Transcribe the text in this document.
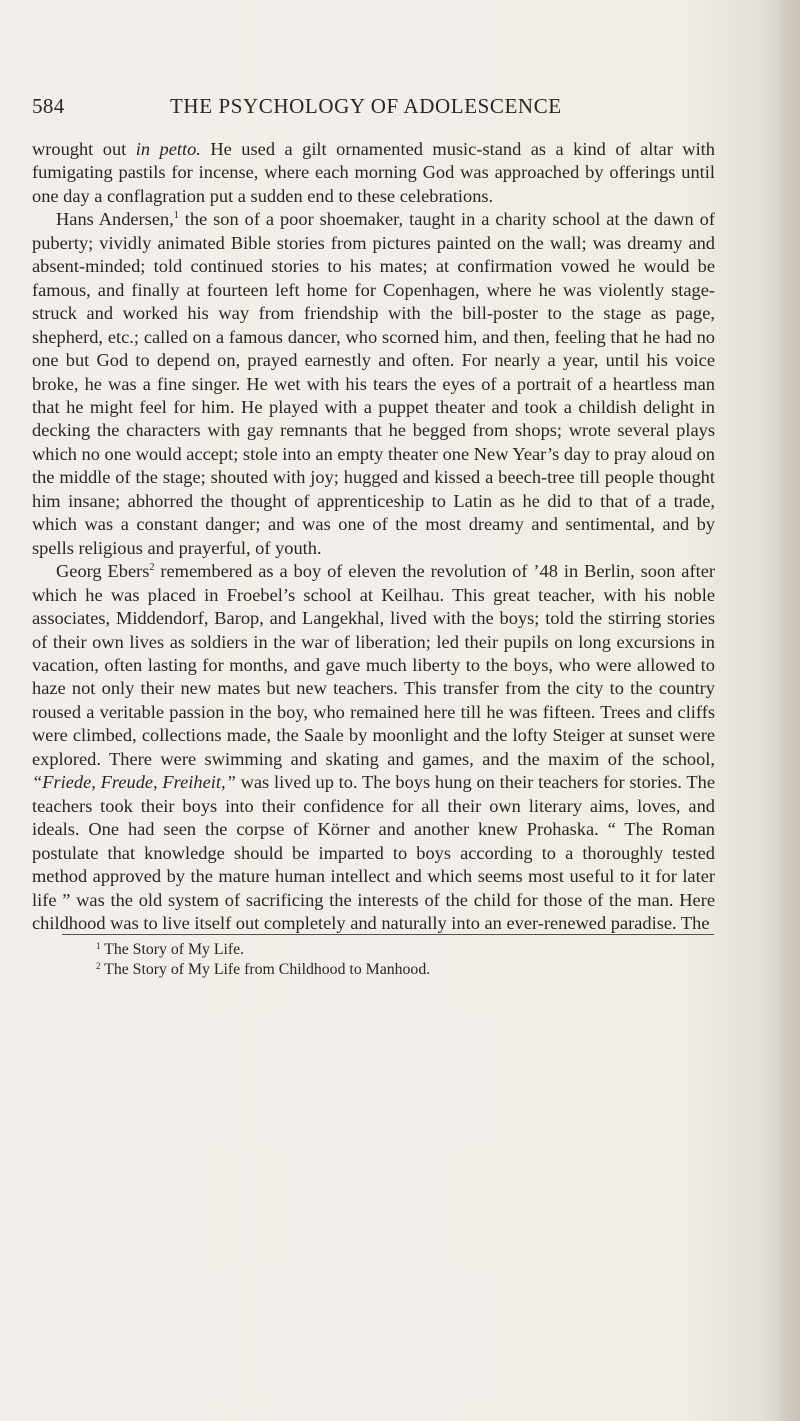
584	THE PSYCHOLOGY OF ADOLESCENCE

wrought out in petto. He used a gilt ornamented music-stand as a kind of altar with fumigating pastils for incense, where each morning God was approached by offerings until one day a conflagration put a sudden end to these celebrations.

Hans Andersen,$^1$ the son of a poor shoemaker, taught in a charity school at the dawn of puberty; vividly animated Bible stories from pictures painted on the wall; was dreamy and absent-minded; told continued stories to his mates; at confirmation vowed he would be famous, and finally at fourteen left home for Copenhagen, where he was violently stage-struck and worked his way from friendship with the bill-poster to the stage as page, shepherd, etc.; called on a famous dancer, who scorned him, and then, feeling that he had no one but God to depend on, prayed earnestly and often. For nearly a year, until his voice broke, he was a fine singer. He wet with his tears the eyes of a portrait of a heartless man that he might feel for him. He played with a puppet theater and took a childish delight in decking the characters with gay remnants that he begged from shops; wrote several plays which no one would accept; stole into an empty theater one New Year’s day to pray aloud on the middle of the stage; shouted with joy; hugged and kissed a beech-tree till people thought him insane; abhorred the thought of apprenticeship to Latin as he did to that of a trade, which was a constant danger; and was one of the most dreamy and sentimental, and by spells religious and prayerful, of youth.

Georg Ebers$^2$ remembered as a boy of eleven the revolution of ’48 in Berlin, soon after which he was placed in Froebel’s school at Keilhau. This great teacher, with his noble associates, Middendorf, Barop, and Langekhal, lived with the boys; told the stirring stories of their own lives as soldiers in the war of liberation; led their pupils on long excursions in vacation, often lasting for months, and gave much liberty to the boys, who were allowed to haze not only their new mates but new teachers. This transfer from the city to the country roused a veritable passion in the boy, who remained here till he was fifteen. Trees and cliffs were climbed, collections made, the Saale by moonlight and the lofty Steiger at sunset were explored. There were swimming and skating and games, and the maxim of the school, “Friede, Freude, Freiheit,” was lived up to. The boys hung on their teachers for stories. The teachers took their boys into their confidence for all their own literary aims, loves, and ideals. One had seen the corpse of Körner and another knew Prohaska. “ The Roman postulate that knowledge should be imparted to boys according to a thoroughly tested method approved by the mature human intellect and which seems most useful to it for later life ” was the old system of sacrificing the interests of the child for those of the man. Here childhood was to live itself out completely and naturally into an ever-renewed paradise. The

$^1$ The Story of My Life.
$^2$ The Story of My Life from Childhood to Manhood.
